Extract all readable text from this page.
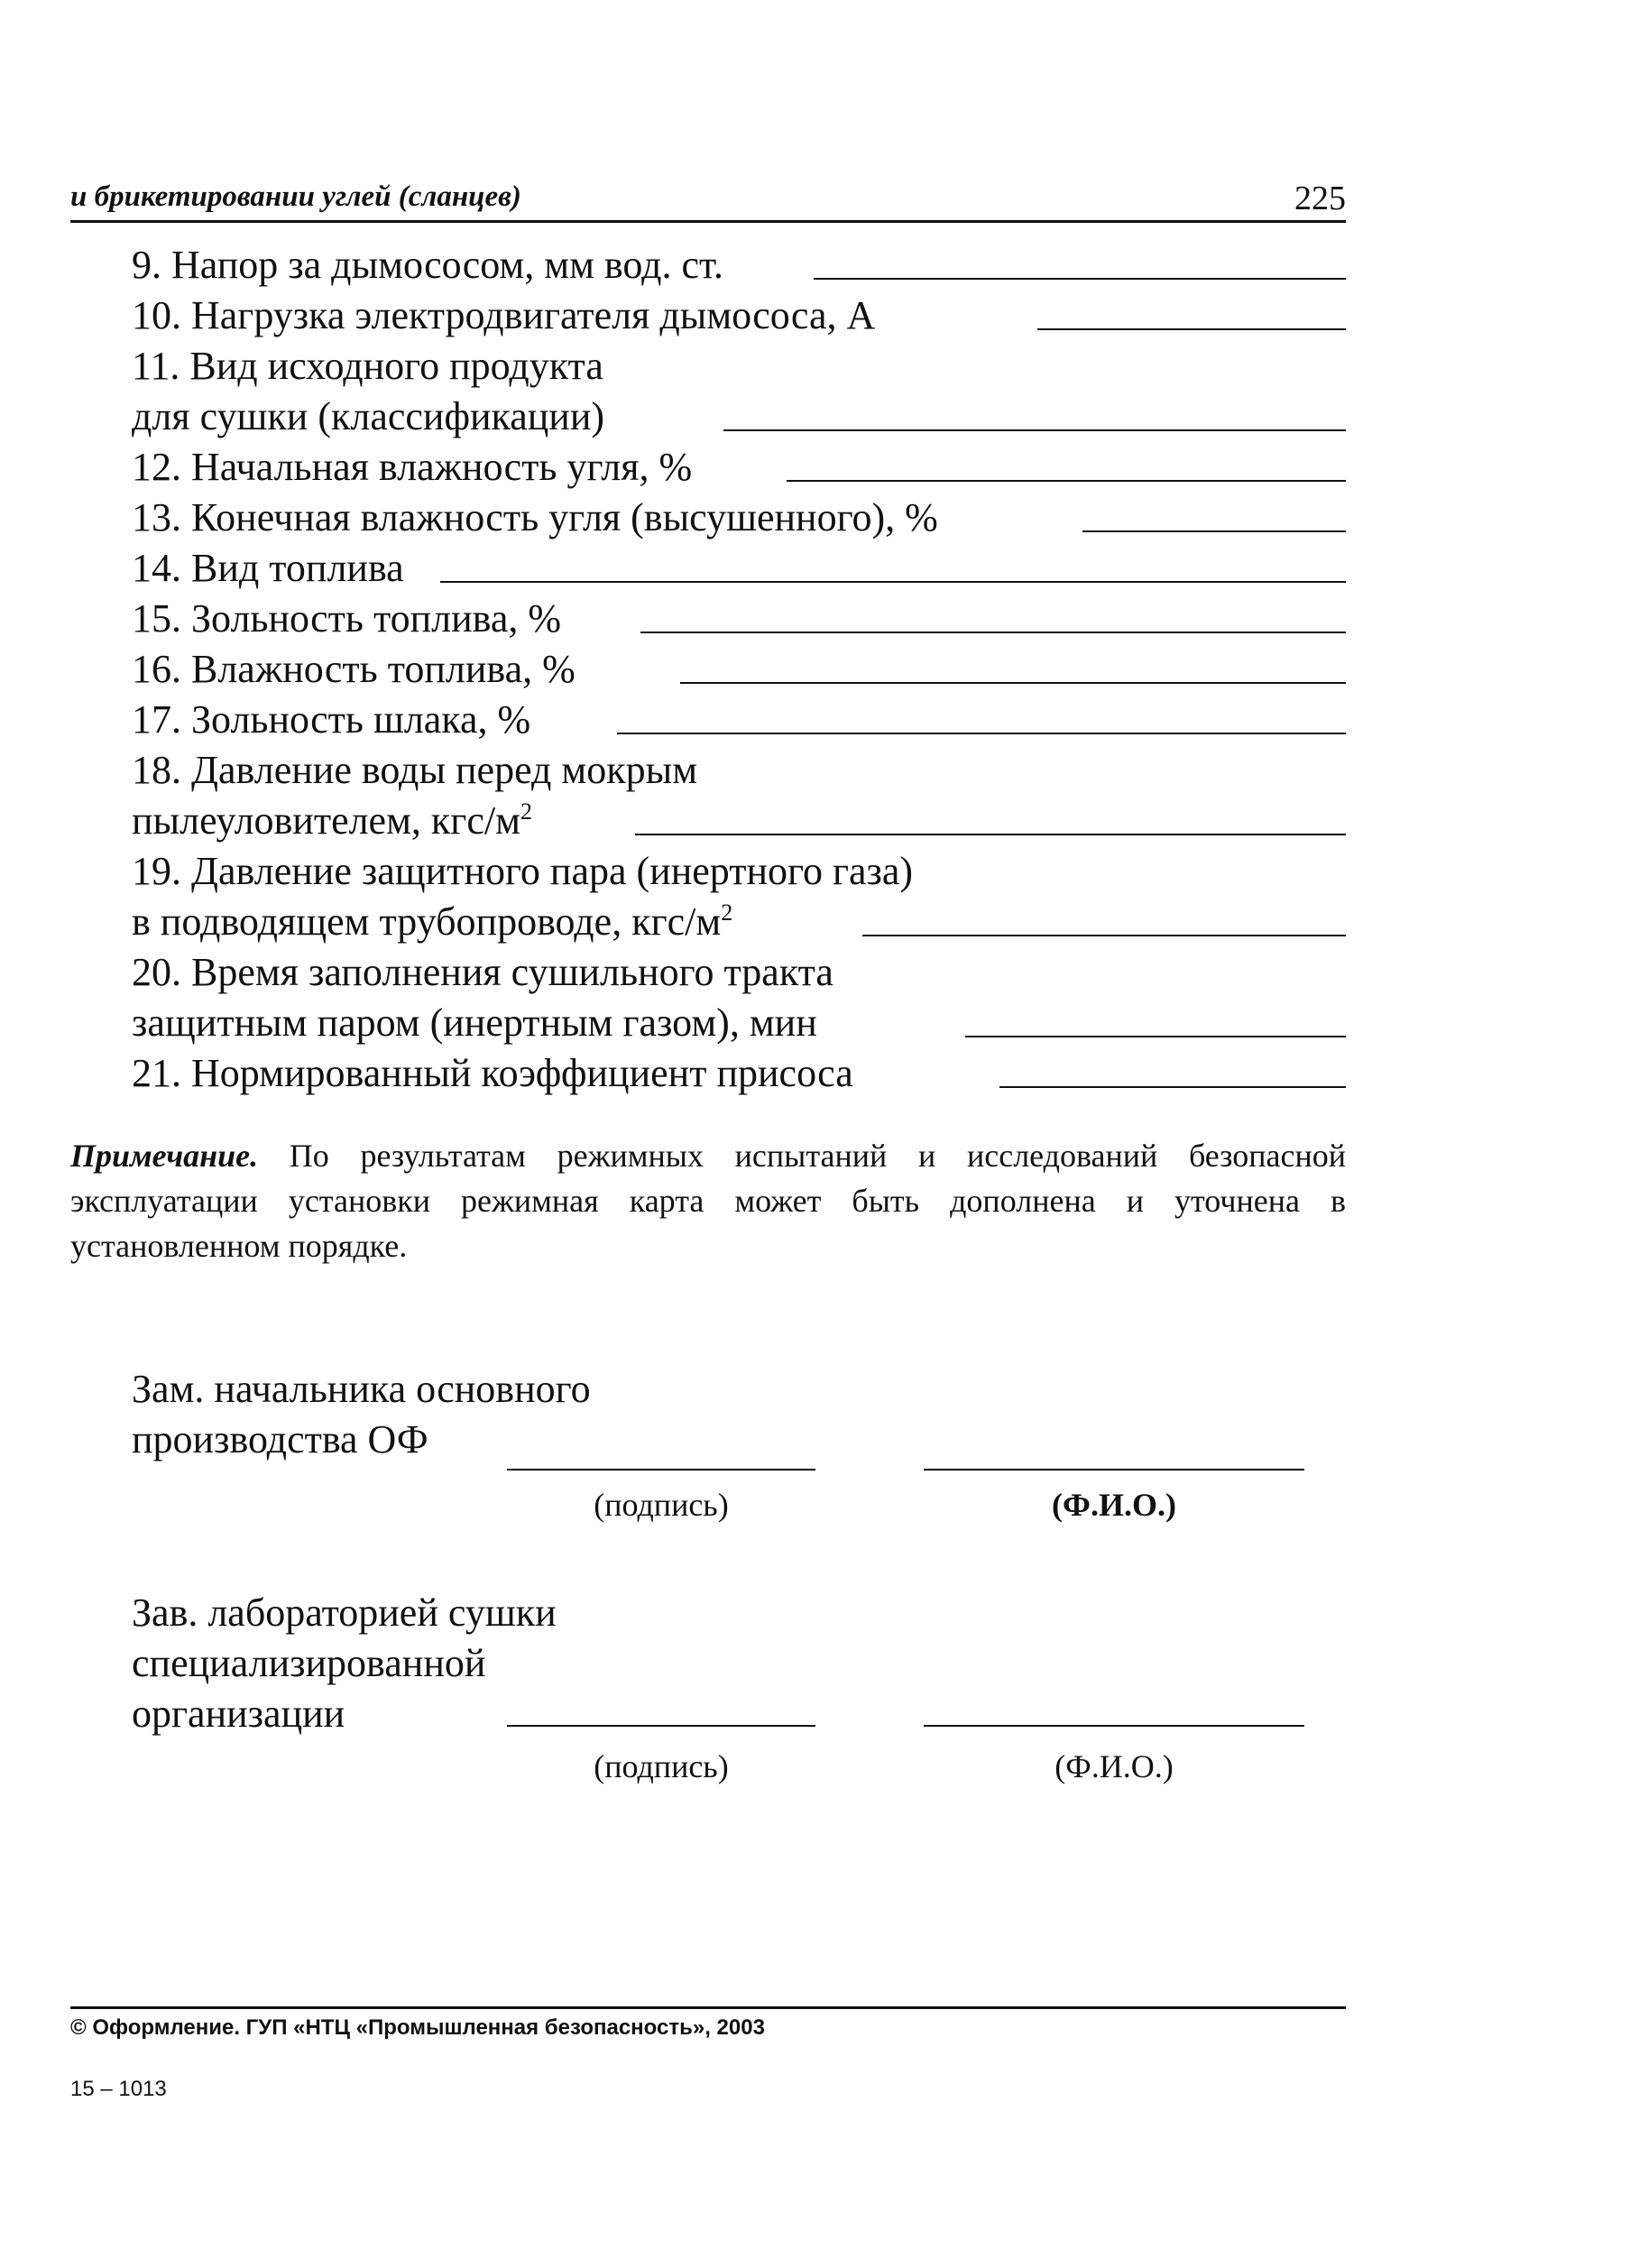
и брикетировании углей (сланцев)	225
9. Напор за дымососом, мм вод. ст.
10. Нагрузка электродвигателя дымососа, А
11. Вид исходного продукта
для сушки (классификации)
12. Начальная влажность угля, %
13. Конечная влажность угля (высушенного), %
14. Вид топлива
15. Зольность топлива, %
16. Влажность топлива, %
17. Зольность шлака, %
18. Давление воды перед мокрым
пылеуловителем, кгс/$м^2$
19. Давление защитного пара (инертного газа)
в подводящем трубопроводе, кгс/$м^2$
20. Время заполнения сушильного тракта
защитным паром (инертным газом), мин
21. Нормированный коэффициент присоса
Примечание. По результатам режимных испытаний и исследований безопасной эксплуатации установки режимная карта может быть дополнена и уточнена в установленном порядке.
Зам. начальника основного
производства ОФ
(подпись)	(Ф.И.О.)
Зав. лабораторией сушки
специализированной
организации
(подпись)	(Ф.И.О.)
© Оформление. ГУП «НТЦ «Промышленная безопасность», 2003
15 – 1013
